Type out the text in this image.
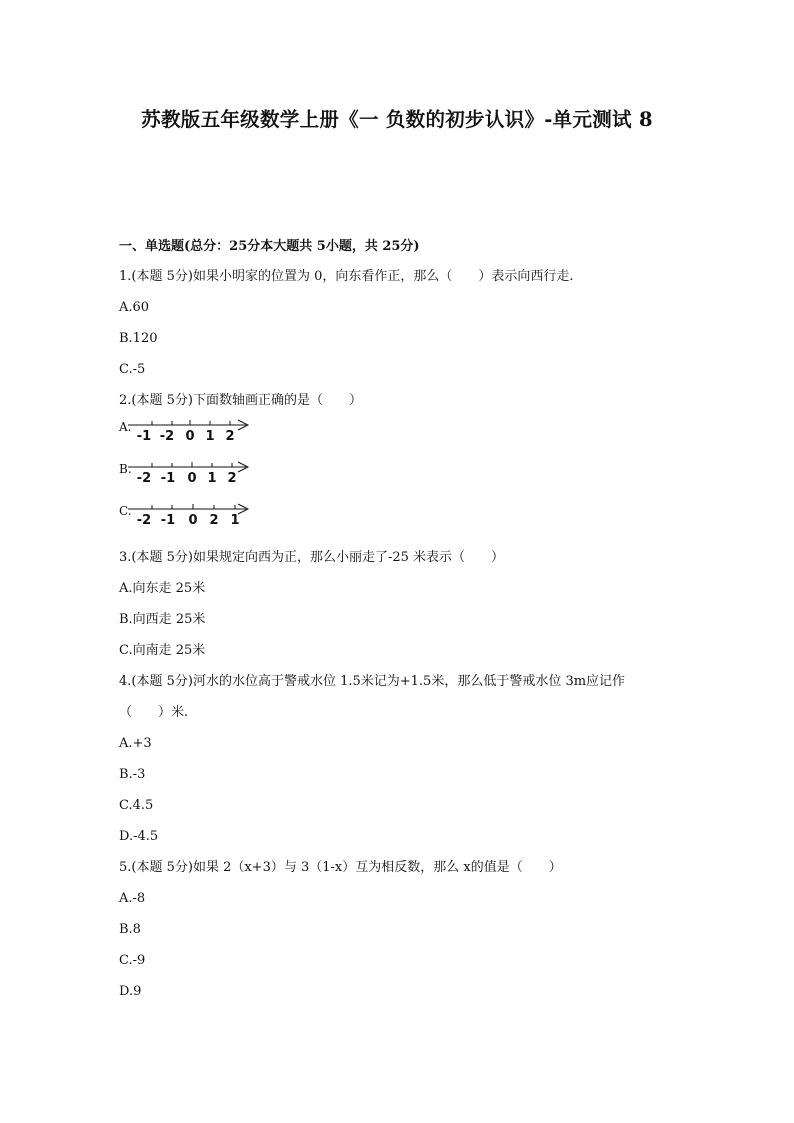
苏教版五年级数学上册《一 负数的初步认识》-单元测试 8
一、单选题(总分：25分本大题共 5小题，共 25分)
1.(本题 5分)如果小明家的位置为 0，向东看作正，那么（　　）表示向西行走.
A.60
B.120
C.-5
2.(本题 5分)下面数轴画正确的是（　　）
A.
-1 -2 0 1 2
B.
-2 -1 0 1 2
C.
-2 -1 0 2 1
3.(本题 5分)如果规定向西为正，那么小丽走了-25 米表示（　　）
A.向东走 25米
B.向西走 25米
C.向南走 25米
4.(本题 5分)河水的水位高于警戒水位 1.5米记为+1.5米，那么低于警戒水位 3m应记作
（　　）米.
A.+3
B.-3
C.4.5
D.-4.5
5.(本题 5分)如果 2（x+3）与 3（1-x）互为相反数，那么 x的值是（　　）
A.-8
B.8
C.-9
D.9
